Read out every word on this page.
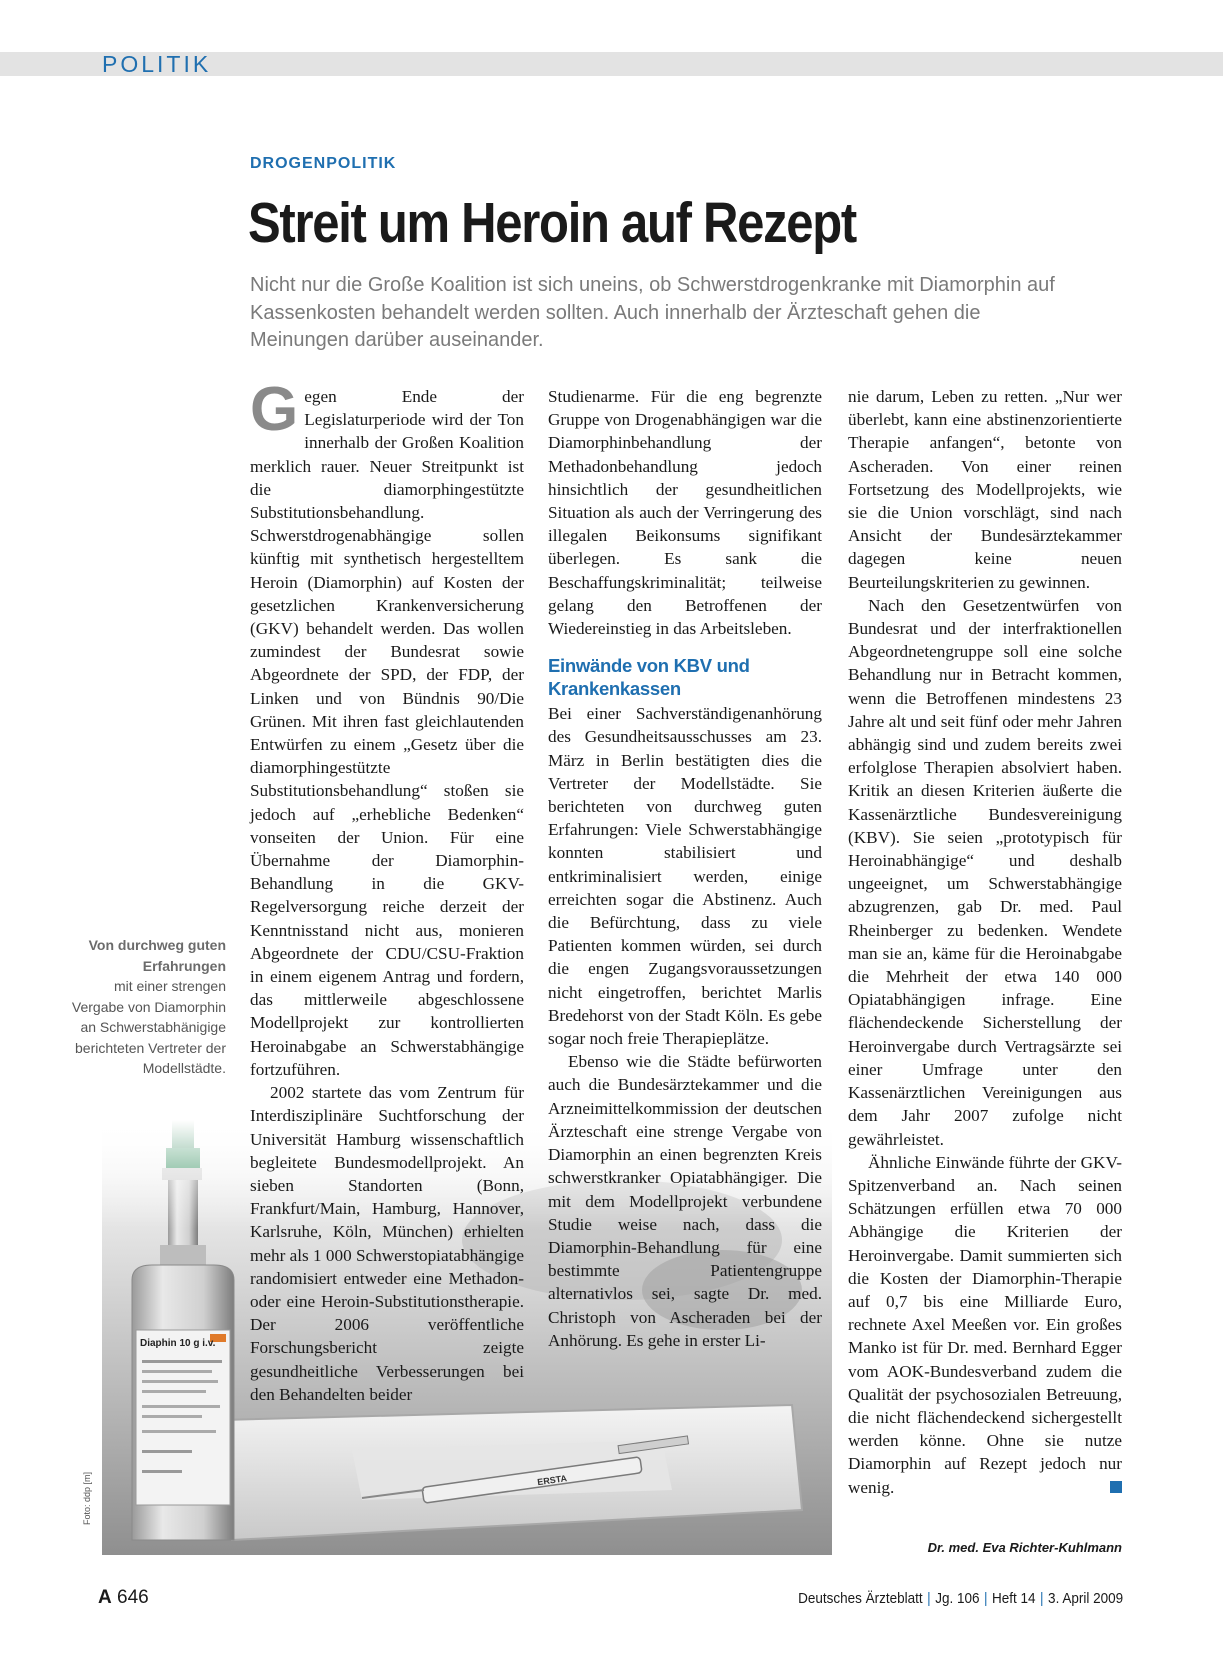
POLITIK
DROGENPOLITIK
Streit um Heroin auf Rezept

Nicht nur die Große Koalition ist sich uneins, ob Schwerstdrogenkranke mit Diamorphin auf Kassenkosten behandelt werden sollten. Auch innerhalb der Ärzteschaft gehen die Meinungen darüber auseinander.

Foto: ddp [m]
Von durchweg guten Erfahrungen
mit einer strengen Vergabe von Diamorphin an Schwerstabhänigige berichteten Vertreter der Modellstädte.

Gegen Ende der Legislaturperiode wird der Ton innerhalb der Großen Koalition merklich rauer. Neuer Streitpunkt ist die diamorphingestützte Substitutionsbehandlung. Schwerstdrogenabhängige sollen künftig mit synthetisch hergestelltem Heroin (Diamorphin) auf Kosten der gesetzlichen Krankenversicherung (GKV) behandelt werden. Das wollen zumindest der Bundesrat sowie Abgeordnete der SPD, der FDP, der Linken und von Bündnis 90/Die Grünen. Mit ihren fast gleichlautenden Entwürfen zu einem „Gesetz über die diamorphingestützte Substitutionsbehandlung“ stoßen sie jedoch auf „erhebliche Bedenken“ vonseiten der Union. Für eine Übernahme der Diamorphin-Behandlung in die GKV-Regelversorgung reiche derzeit der Kenntnisstand nicht aus, monieren Abgeordnete der CDU/CSU-Fraktion in einem eigenem Antrag und fordern, das mittlerweile abgeschlossene Modellprojekt zur kontrollierten Heroinabgabe an Schwerstabhängige fortzuführen.

2002 startete das vom Zentrum für Interdisziplinäre Suchtforschung der Universität Hamburg wissenschaftlich begleitete Bundesmodellprojekt. An sieben Standorten (Bonn, Frankfurt/Main, Hamburg, Hannover, Karlsruhe, Köln, München) erhielten mehr als 1 000 Schwerstopiatabhängige randomisiert entweder eine Methadon- oder eine Heroin-Substitutionstherapie. Der 2006 veröffentliche Forschungsbericht zeigte gesundheitliche Verbesserungen bei den Behandelten beider

Studienarme. Für die eng begrenzte Gruppe von Drogenabhängigen war die Diamorphinbehandlung der Methadonbehandlung jedoch hinsichtlich der gesundheitlichen Situation als auch der Verringerung des illegalen Beikonsums signifikant überlegen. Es sank die Beschaffungskriminalität; teilweise gelang den Betroffenen der Wiedereinstieg in das Arbeitsleben.

Einwände von KBV und Krankenkassen

Bei einer Sachverständigenanhörung des Gesundheitsausschusses am 23. März in Berlin bestätigten dies die Vertreter der Modellstädte. Sie berichteten von durchweg guten Erfahrungen: Viele Schwerstabhängige konnten stabilisiert und entkriminalisiert werden, einige erreichten sogar die Abstinenz. Auch die Befürchtung, dass zu viele Patienten kommen würden, sei durch die engen Zugangsvoraussetzungen nicht eingetroffen, berichtet Marlis Bredehorst von der Stadt Köln. Es gebe sogar noch freie Therapieplätze.

Ebenso wie die Städte befürworten auch die Bundesärztekammer und die Arzneimittelkommission der deutschen Ärzteschaft eine strenge Vergabe von Diamorphin an einen begrenzten Kreis schwerstkranker Opiatabhängiger. Die mit dem Modellprojekt verbundene Studie weise nach, dass die Diamorphin-Behandlung für eine bestimmte Patientengruppe alternativlos sei, sagte Dr. med. Christoph von Ascheraden bei der Anhörung. Es gehe in erster Li-

nie darum, Leben zu retten. „Nur wer überlebt, kann eine abstinenzorientierte Therapie anfangen“, betonte von Ascheraden. Von einer reinen Fortsetzung des Modellprojekts, wie sie die Union vorschlägt, sind nach Ansicht der Bundesärztekammer dagegen keine neuen Beurteilungskriterien zu gewinnen.

Nach den Gesetzentwürfen von Bundesrat und der interfraktionellen Abgeordnetengruppe soll eine solche Behandlung nur in Betracht kommen, wenn die Betroffenen mindestens 23 Jahre alt und seit fünf oder mehr Jahren abhängig sind und zudem bereits zwei erfolglose Therapien absolviert haben. Kritik an diesen Kriterien äußerte die Kassenärztliche Bundesvereinigung (KBV). Sie seien „prototypisch für Heroinabhängige“ und deshalb ungeeignet, um Schwerstabhängige abzugrenzen, gab Dr. med. Paul Rheinberger zu bedenken. Wendete man sie an, käme für die Heroinabgabe die Mehrheit der etwa 140 000 Opiatabhängigen infrage. Eine flächendeckende Sicherstellung der Heroinvergabe durch Vertragsärzte sei einer Umfrage unter den Kassenärztlichen Vereinigungen aus dem Jahr 2007 zufolge nicht gewährleistet.

Ähnliche Einwände führte der GKV-Spitzenverband an. Nach seinen Schätzungen erfüllen etwa 70 000 Abhängige die Kriterien der Heroinvergabe. Damit summierten sich die Kosten der Diamorphin-Therapie auf 0,7 bis eine Milliarde Euro, rechnete Axel Meeßen vor. Ein großes Manko ist für Dr. med. Bernhard Egger vom AOK-Bundesverband zudem die Qualität der psychosozialen Betreuung, die nicht flächendeckend sichergestellt werden könne. Ohne sie nutze Diamorphin auf Rezept jedoch nur wenig.

Dr. med. Eva Richter-Kuhlmann
A 646	Deutsches Ärzteblatt | Jg. 106 | Heft 14 | 3. April 2009
